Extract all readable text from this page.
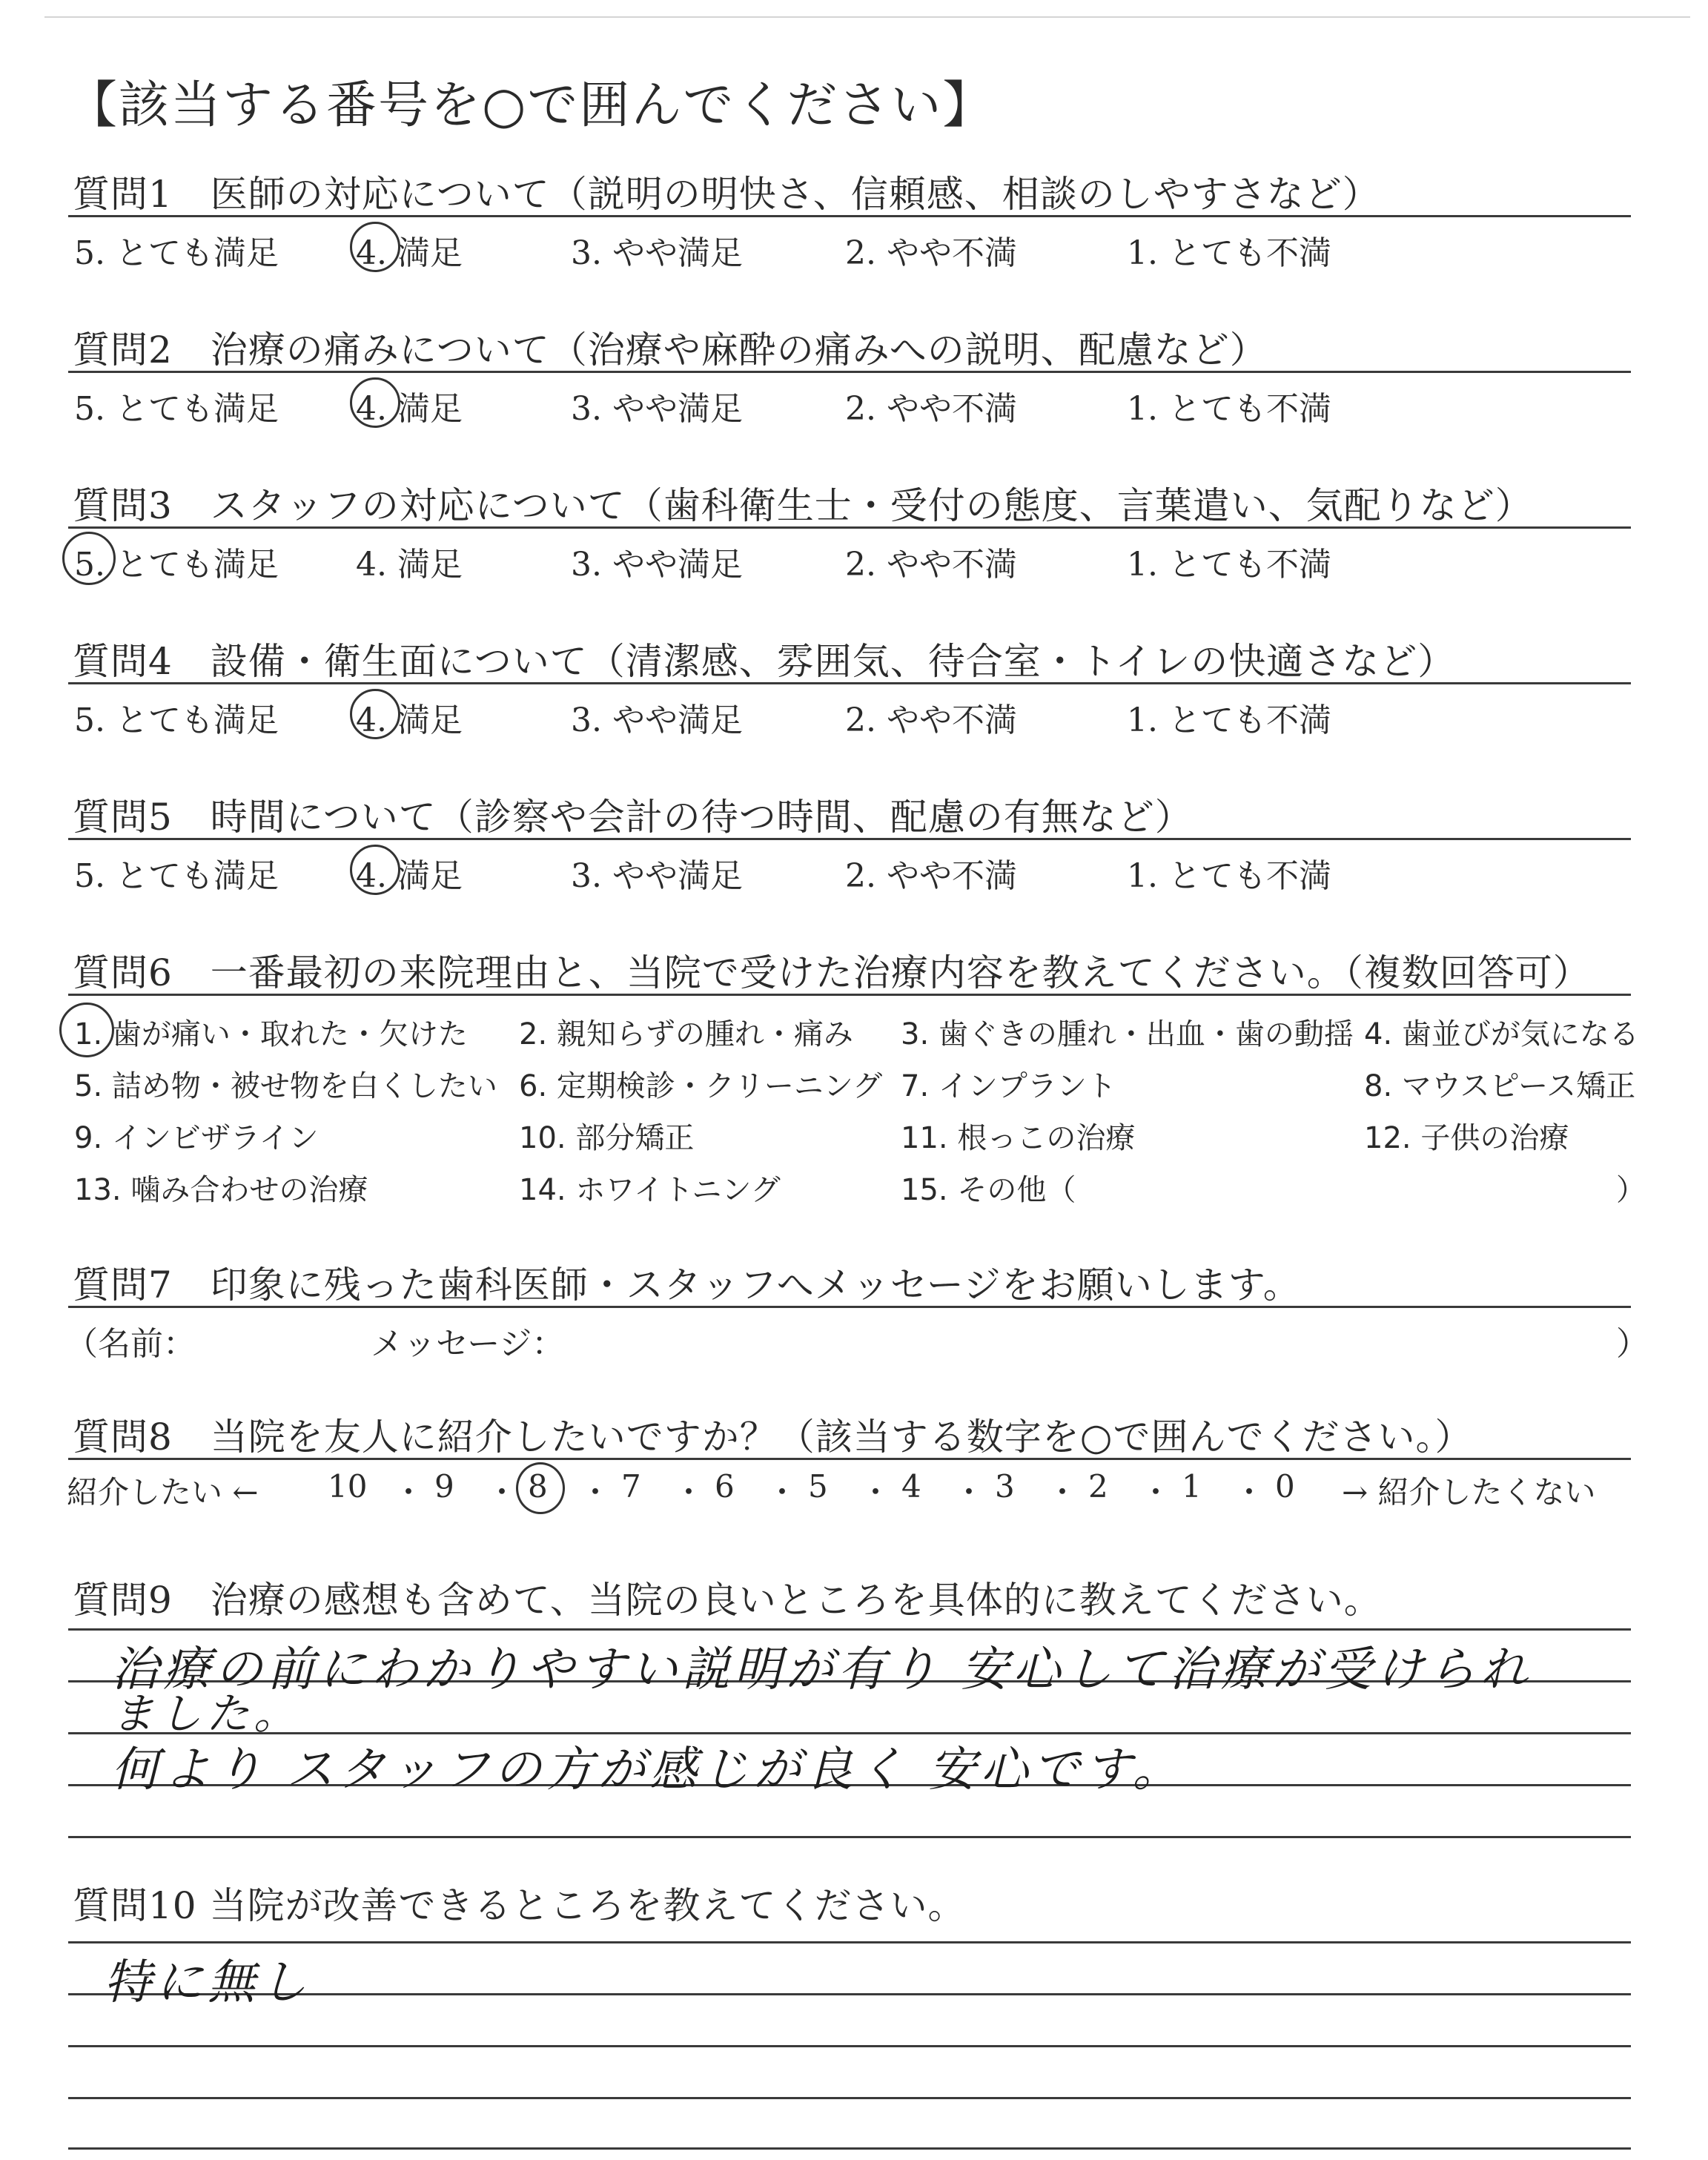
【該当する番号を○で囲んでください】
質問1　医師の対応について（説明の明快さ、信頼感、相談のしやすさなど）
5. とても満足 4. 満足	3. やや満足	2. やや不満	1. とても不満
質問2　治療の痛みについて（治療や麻酔の痛みへの説明、配慮など）
5. とても満足 4. 満足	3. やや満足	2. やや不満	1. とても不満
質問3　スタッフの対応について（歯科衛生士・受付の態度、言葉遣い、気配りなど）
5. とても満足 4. 満足	3. やや満足	2. やや不満	1. とても不満
質問4　設備・衛生面について（清潔感、雰囲気、待合室・トイレの快適さなど）
5. とても満足 4. 満足	3. やや満足	2. やや不満	1. とても不満
質問5　時間について（診察や会計の待つ時間、配慮の有無など）
5. とても満足 4. 満足	3. やや満足	2. やや不満	1. とても不満
質問6　一番最初の来院理由と、当院で受けた治療内容を教えてください。（複数回答可）
1. 歯が痛い・取れた・欠けた 2. 親知らずの腫れ・痛み 3. 歯ぐきの腫れ・出血・歯の動揺 4. 歯並びが気になる
5. 詰め物・被せ物を白くしたい 6. 定期検診・クリーニング 7. インプラント	8. マウスピース矯正
9. インビザライン	10. 部分矯正	11. 根っこの治療	12. 子供の治療
13. 噛み合わせの治療	14. ホワイトニング	15. その他（	）
質問7　印象に残った歯科医師・スタッフへメッセージをお願いします。
（名前：	メッセージ：	）
質問8　当院を友人に紹介したいですか？（該当する数字を○で囲んでください。）
紹介したい ← 10 ・ 9 ・ 8 ・ 7 ・ 6 ・ 5 ・ 4 ・ 3 ・ 2 ・ 1 ・ 0 → 紹介したくない
質問9　治療の感想も含めて、当院の良いところを具体的に教えてください。
治療の前にわかりやすい説明が有り 安心して治療が受けられ
ました。
何より スタッフの方が感じが良く 安心です。
質問10 当院が改善できるところを教えてください。
特に無し
